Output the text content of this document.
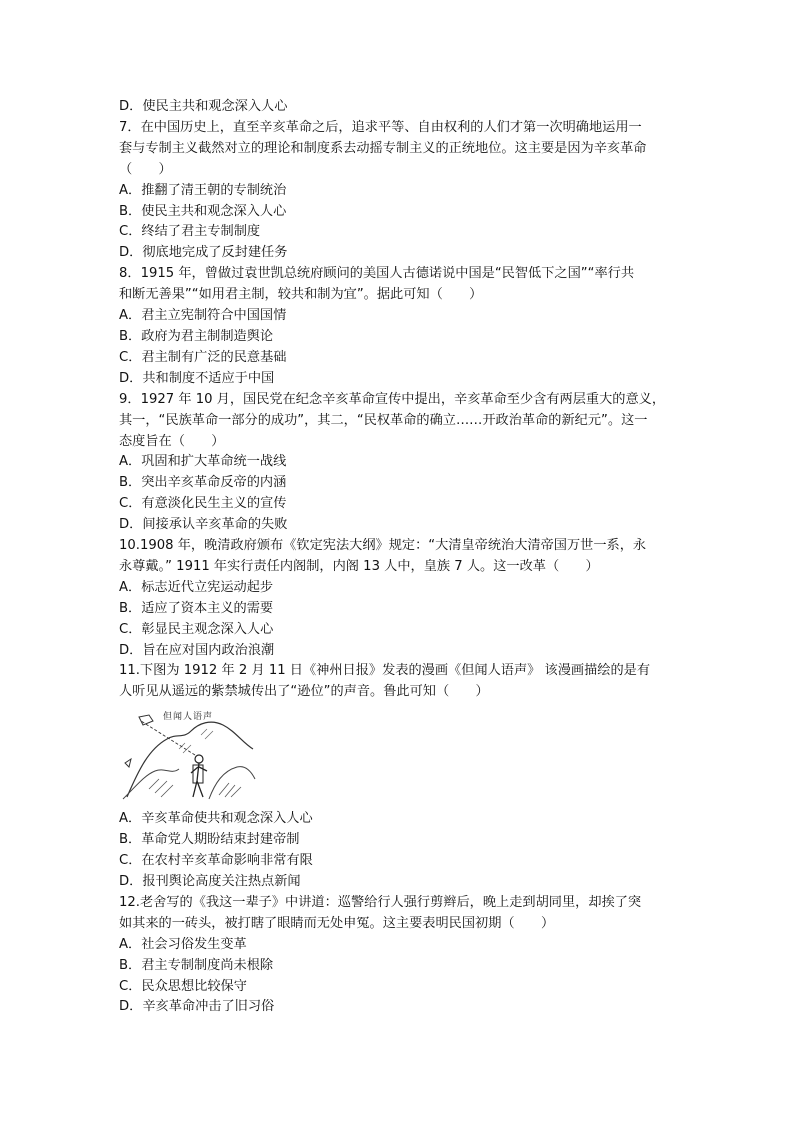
D．使民主共和观念深入人心

7．在中国历史上，直至辛亥革命之后，追求平等、自由权利的人们才第一次明确地运用一

套与专制主义截然对立的理论和制度系去动摇专制主义的正统地位。这主要是因为辛亥革命

（　　）

A．推翻了清王朝的专制统治

B．使民主共和观念深入人心

C．终结了君主专制制度

D．彻底地完成了反封建任务

8．1915 年，曾做过袁世凯总统府顾问的美国人古德诺说中国是“民智低下之国”“率行共

和断无善果”“如用君主制，较共和制为宜”。据此可知（　　）

A．君主立宪制符合中国国情

B．政府为君主制制造舆论

C．君主制有广泛的民意基础

D．共和制度不适应于中国

9．1927 年 10 月，国民党在纪念辛亥革命宣传中提出，辛亥革命至少含有两层重大的意义，

其一，“民族革命一部分的成功”，其二，“民权革命的确立……开政治革命的新纪元”。这一

态度旨在（　　）

A．巩固和扩大革命统一战线

B．突出辛亥革命反帝的内涵

C．有意淡化民生主义的宣传

D．间接承认辛亥革命的失败

10.1908 年，晚清政府颁布《钦定宪法大纲》规定：“大清皇帝统治大清帝国万世一系，永

永尊戴。” 1911 年实行责任内阁制，内阁 13 人中，皇族 7 人。这一改革（　　）

A．标志近代立宪运动起步

B．适应了资本主义的需要

C．彰显民主观念深入人心

D．旨在应对国内政治浪潮

11.下图为 1912 年 2 月 11 日《神州日报》发表的漫画《但闻人语声》 该漫画描绘的是有

人听见从遥远的紫禁城传出了“逊位”的声音。鲁此可知（　　）

但闻人语声

A．辛亥革命使共和观念深入人心

B．革命党人期盼结束封建帝制

C．在农村辛亥革命影响非常有限

D．报刊舆论高度关注热点新闻

12.老舍写的《我这一辈子》中讲道：巡警给行人强行剪辫后，晚上走到胡同里，却挨了突

如其来的一砖头，被打瞎了眼睛而无处申冤。这主要表明民国初期（　　）

A．社会习俗发生变革

B．君主专制制度尚未根除

C．民众思想比较保守

D．辛亥革命冲击了旧习俗
